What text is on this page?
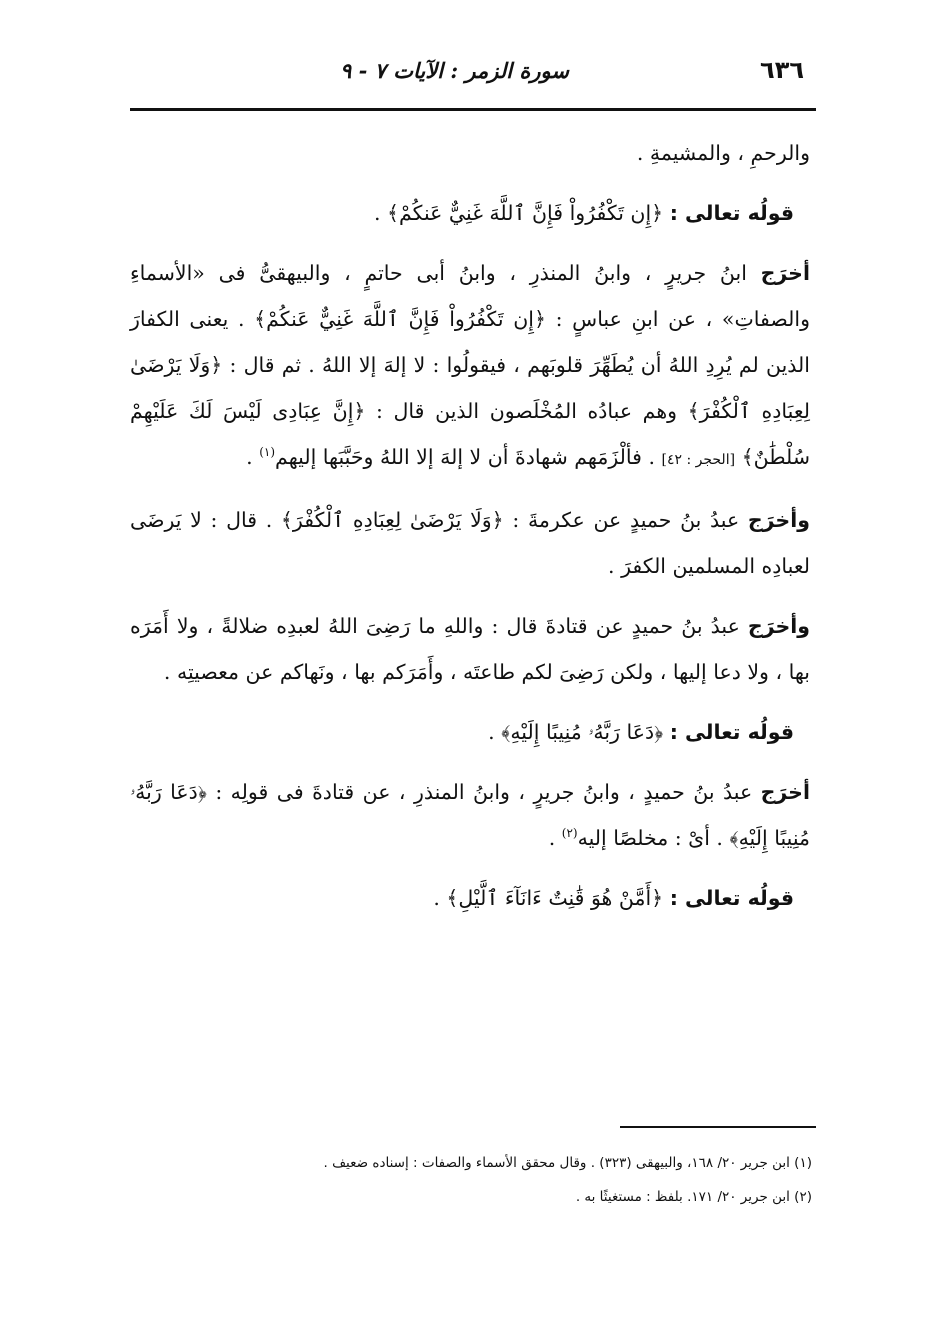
٦٣٦
سورة الزمر : الآيات ٧ - ٩

والرحمِ ، والمشيمةِ .

قولُه تعالى : ﴿إِن تَكْفُرُواْ فَإِنَّ ٱللَّهَ غَنِيٌّ عَنكُمْ﴾ .

أخرَج ابنُ جريرٍ ، وابنُ المنذرِ ، وابنُ أبى حاتمٍ ، والبيهقىُّ فى «الأسماءِ والصفاتِ» ، عن ابنِ عباسٍ : ﴿إِن تَكْفُرُواْ فَإِنَّ ٱللَّهَ غَنِيٌّ عَنكُمْ﴾ . يعنى الكفارَ الذين لم يُرِدِ اللهُ أن يُطَهِّرَ قلوبَهم ، فيقولُوا : لا إلهَ إلا اللهُ . ثم قال : ﴿وَلَا يَرْضَىٰ لِعِبَادِهِ ٱلْكُفْرَ﴾ وهم عبادُه المُخْلَصون الذين قال : ﴿إِنَّ عِبَادِى لَيْسَ لَكَ عَلَيْهِمْ سُلْطَٰنٌ﴾ [الحجر : ٤٢] . فألْزَمَهم شهادةَ أن لا إلهَ إلا اللهُ وحَبَّبَها إليهم$^{(١)}$ .

وأخرَج عبدُ بنُ حميدٍ عن عكرمةَ : ﴿وَلَا يَرْضَىٰ لِعِبَادِهِ ٱلْكُفْرَ﴾ . قال : لا يَرضَى لعبادِه المسلمين الكفرَ .

وأخرَج عبدُ بنُ حميدٍ عن قتادةَ قال : واللهِ ما رَضِىَ اللهُ لعبدِه ضلالةً ، ولا أَمَرَه بها ، ولا دعا إليها ، ولكن رَضِىَ لكم طاعتَه ، وأَمَرَكم بها ، ونَهاكم عن معصيتِه .

قولُه تعالى : ﴿دَعَا رَبَّهُۥ مُنِيبًا إِلَيْهِ﴾ .

أخرَج عبدُ بنُ حميدٍ ، وابنُ جريرٍ ، وابنُ المنذرِ ، عن قتادةَ فى قولِه : ﴿دَعَا رَبَّهُۥ مُنِيبًا إِلَيْهِ﴾ . أىْ : مخلصًا إليه$^{(٢)}$ .

قولُه تعالى : ﴿أَمَّنْ هُوَ قَٰنِتٌ ءَانَآءَ ٱلَّيْلِ﴾ .

(١) ابن جرير ٢٠/ ١٦٨، والبيهقى (٣٢٣) . وقال محقق الأسماء والصفات : إسناده ضعيف .
(٢) ابن جرير ٢٠/ ١٧١. بلفظ : مستغيثًا به .
